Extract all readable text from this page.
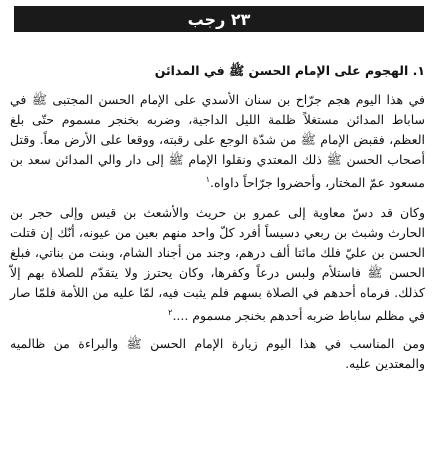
٢٣ رجب
١. الهجوم على الإمام الحسن ﷺ في المدائن

في هذا اليوم هجم جرّاح بن سنان الأسدي على الإمام الحسن المجتبى ﷺ في ساباط المدائن مستغلاً ظلمة الليل الداجية، وضربه بخنجر مسموم حتّى بلغ العظم، فقبض الإمام ﷺ من شدّة الوجع على رقبته، ووقعا على الأرض معاً. وقتل أصحاب الحسن ﷺ ذلك المعتدي ونقلوا الإمام ﷺ إلى دار والي المدائن سعد بن مسعود عمّ المختار، وأحضروا جرّاحاً داواه.$^١$

وكان قد دسّ معاوية إلى عمرو بن حريث والأشعث بن قيس وإلى حجر بن الحارث وشبث بن ربعي دسيساً أفرد كلّ واحد منهم بعين من عيونه، أنّك إن قتلت الحسن بن عليّ فلك مائتا ألف درهم، وجند من أجناد الشام، وبنت من بناتي، فبلغ الحسن ﷺ فاستلأم ولبس درعاً وكفرها، وكان يحترز ولا يتقدّم للصلاة بهم إلاّ كذلك. فرماه أحدهم في الصلاة بسهم فلم يثبت فيه، لمّا عليه من اللأمة فلمّا صار في مظلم ساباط ضربه أحدهم بخنجر مسموم ....$^٢$

ومن المناسب في هذا اليوم زيارة الإمام الحسن ﷺ والبراءة من ظالميه والمعتدين عليه.
